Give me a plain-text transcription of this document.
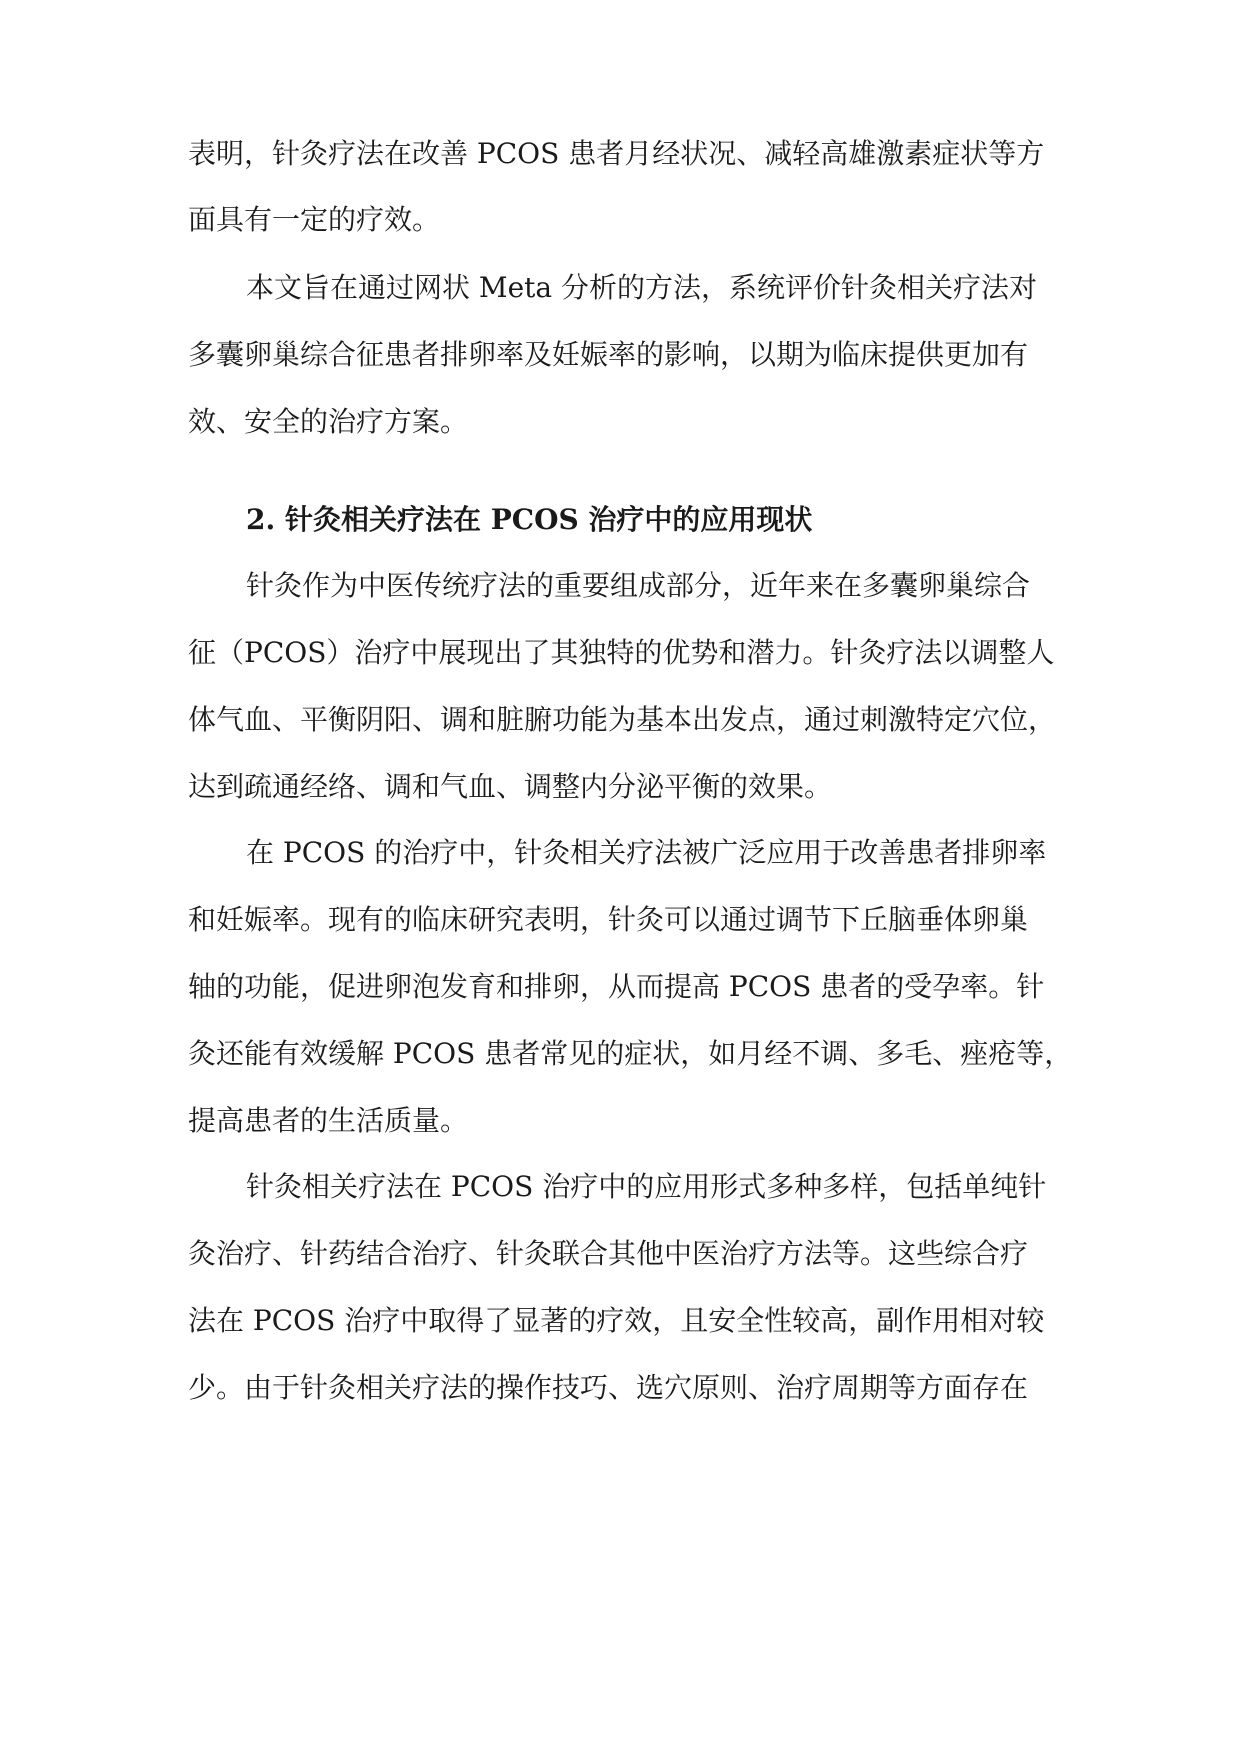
表明，针灸疗法在改善 PCOS 患者月经状况、减轻高雄激素症状等方
面具有一定的疗效。
本文旨在通过网状 Meta 分析的方法，系统评价针灸相关疗法对
多囊卵巢综合征患者排卵率及妊娠率的影响，以期为临床提供更加有
效、安全的治疗方案。
2. 针灸相关疗法在 PCOS 治疗中的应用现状
针灸作为中医传统疗法的重要组成部分，近年来在多囊卵巢综合
征（PCOS）治疗中展现出了其独特的优势和潜力。针灸疗法以调整人
体气血、平衡阴阳、调和脏腑功能为基本出发点，通过刺激特定穴位，
达到疏通经络、调和气血、调整内分泌平衡的效果。
在 PCOS 的治疗中，针灸相关疗法被广泛应用于改善患者排卵率
和妊娠率。现有的临床研究表明，针灸可以通过调节下丘脑垂体卵巢
轴的功能，促进卵泡发育和排卵，从而提高 PCOS 患者的受孕率。针
灸还能有效缓解 PCOS 患者常见的症状，如月经不调、多毛、痤疮等，
提高患者的生活质量。
针灸相关疗法在 PCOS 治疗中的应用形式多种多样，包括单纯针
灸治疗、针药结合治疗、针灸联合其他中医治疗方法等。这些综合疗
法在 PCOS 治疗中取得了显著的疗效，且安全性较高，副作用相对较
少。由于针灸相关疗法的操作技巧、选穴原则、治疗周期等方面存在
